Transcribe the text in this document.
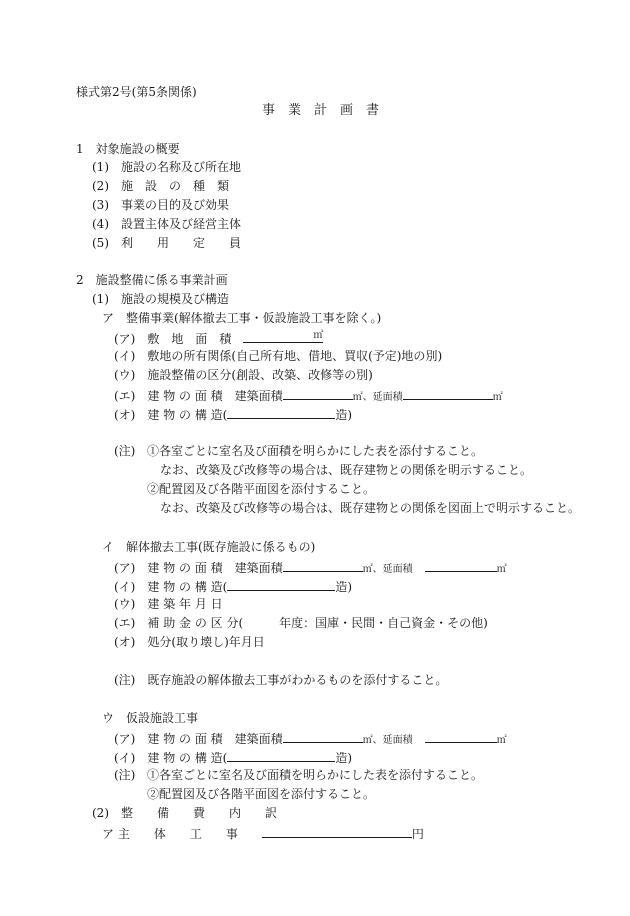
様式第2号(第5条関係)
事　業　計　画　書
1　対象施設の概要
(1)　 施設の名称及び所在地
(2)　 施　設　の　種　類
(3)　 事業の目的及び効果
(4)　 設置主体及び経営主体
(5)　 利　　用　　定　　員
2　施設整備に係る事業計画
(1)　 施設の規模及び構造
ア　整備事業(解体撤去工事・仮設施設工事を除く。)
(ア)　 敷　地　面　積　	㎡
(イ)　 敷地の所有関係(自己所有地、借地、買収(予定)地の別)
(ウ)　 施設整備の区分(創設、改築、改修等の別)
(エ)　 建 物 の 面 積　建築面積	㎡、延面積	㎡
(オ)　 建 物 の 構 造(	造)
(注) ①各室ごとに室名及び面積を明らかにした表を添付すること。
なお、改築及び改修等の場合は、既存建物との関係を明示すること。
②配置図及び各階平面図を添付すること。
なお、改築及び改修等の場合は、既存建物との関係を図面上で明示すること。
イ　解体撤去工事(既存施設に係るもの)
(ア)　 建 物 の 面 積　建築面積	㎡、延面積　	㎡
(イ)　 建 物 の 構 造(	造)
(ウ)　 建 築 年 月 日
(エ)　 補 助 金 の 区 分(　　　年度：国庫・民間・自己資金・その他)
(オ)　 処分(取り壊し)年月日
(注)　 既存施設の解体撤去工事がわかるものを添付すること。
ウ　仮設施設工事
(ア)　 建 物 の 面 積　建築面積	㎡、延面積　	㎡
(イ)　 建 物 の 構 造(	造)
(注) ①各室ごとに室名及び面積を明らかにした表を添付すること。
②配置図及び各階平面図を添付すること。
(2)　 整　　備　　費　　内　　訳
ア 主　　体　　工　　事　　	円
